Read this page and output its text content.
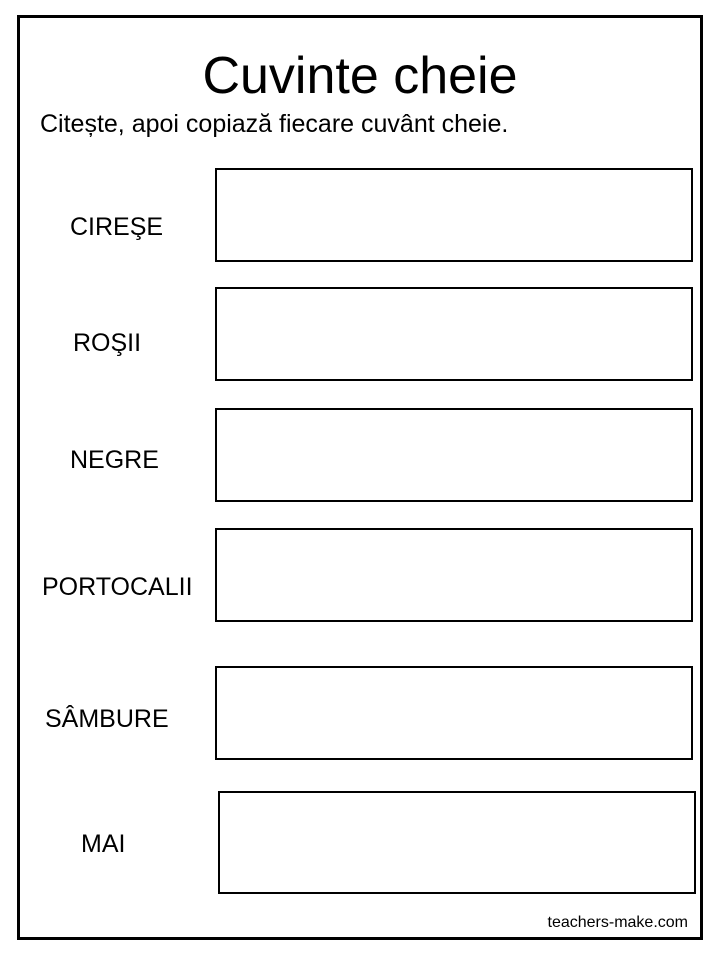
Cuvinte cheie
Citește, apoi copiază fiecare cuvânt cheie.
CIREŞE
ROŞII
NEGRE
PORTOCALII
SÂMBURE
MAI
teachers-make.com
